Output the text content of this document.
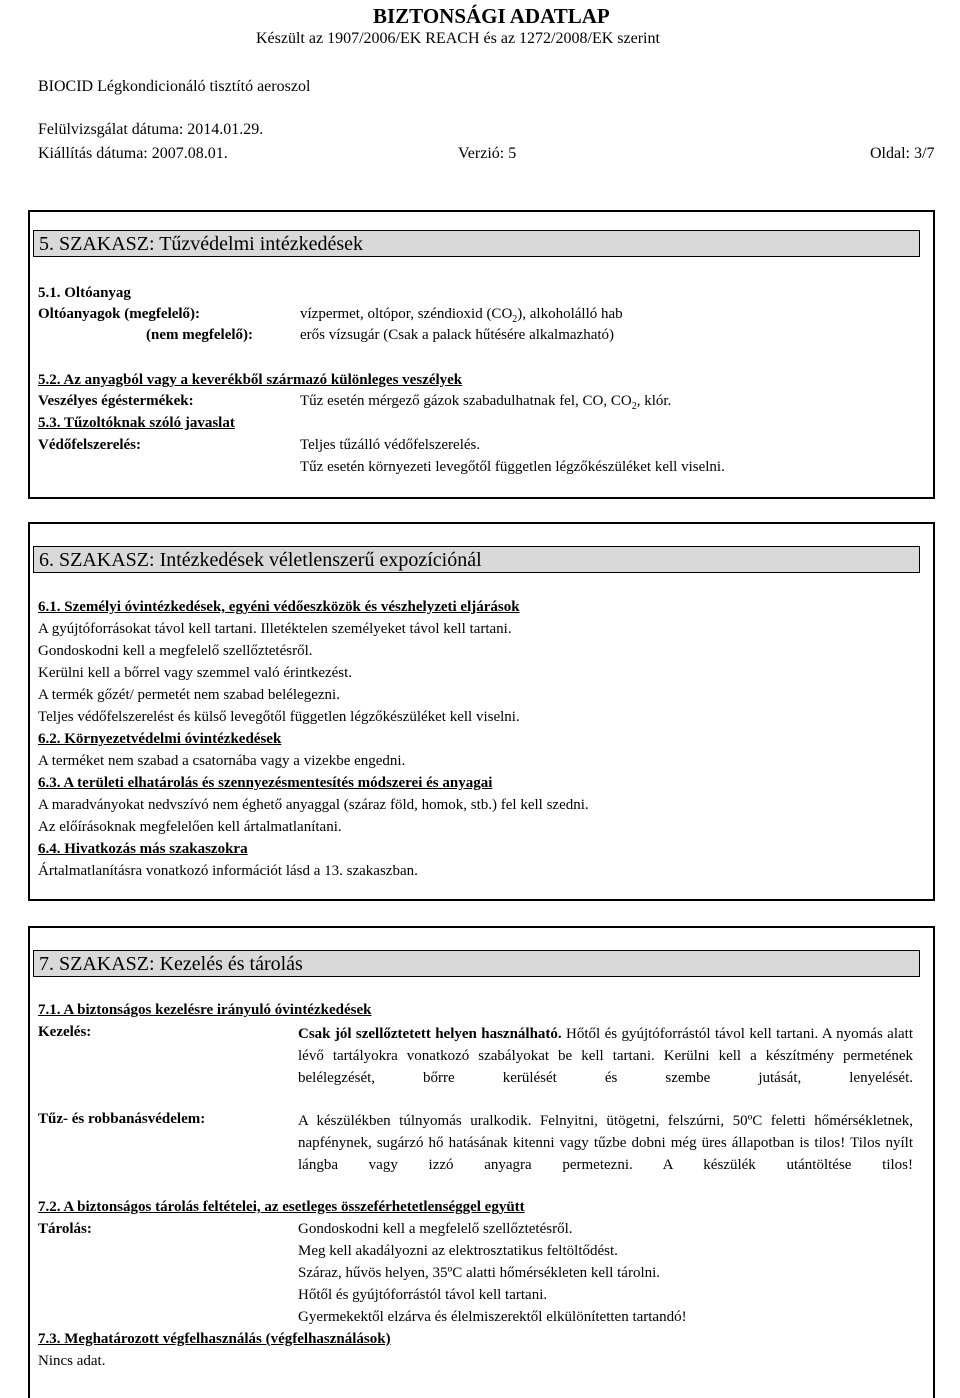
BIZTONSÁGI ADATLAP
Készült az 1907/2006/EK REACH és az 1272/2008/EK szerint
BIOCID Légkondicionáló tisztító aeroszol
Felülvizsgálat dátuma: 2014.01.29.
Kiállítás dátuma: 2007.08.01.	Verzió: 5	Oldal: 3/7
5. SZAKASZ: Tűzvédelmi intézkedések
5.1. Oltóanyag
Oltóanyagok (megfelelő):	vízpermet, oltópor, széndioxid $(CO_2)$, alkoholálló hab
(nem megfelelő):	erős vízsugár (Csak a palack hűtésére alkalmazható)
5.2. Az anyagból vagy a keverékből származó különleges veszélyek
Veszélyes égéstermékek:	Tűz esetén mérgező gázok szabadulhatnak fel, CO, $CO_2$, klór.
5.3. Tűzoltóknak szóló javaslat
Védőfelszerelés:	Teljes tűzálló védőfelszerelés.
Tűz esetén környezeti levegőtől független légzőkészüléket kell viselni.
6. SZAKASZ: Intézkedések véletlenszerű expozíciónál
6.1. Személyi óvintézkedések, egyéni védőeszközök és vészhelyzeti eljárások
A gyújtóforrásokat távol kell tartani. Illetéktelen személyeket távol kell tartani.
Gondoskodni kell a megfelelő szellőztetésről.
Kerülni kell a bőrrel vagy szemmel való érintkezést.
A termék gőzét/ permetét nem szabad belélegezni.
Teljes védőfelszerelést és külső levegőtől független légzőkészüléket kell viselni.
6.2. Környezetvédelmi óvintézkedések
A terméket nem szabad a csatornába vagy a vizekbe engedni.
6.3. A területi elhatárolás és szennyezésmentesítés módszerei és anyagai
A maradványokat nedvszívó nem éghető anyaggal (száraz föld, homok, stb.) fel kell szedni.
Az előírásoknak megfelelően kell ártalmatlanítani.
6.4. Hivatkozás más szakaszokra
Ártalmatlanításra vonatkozó információt lásd a 13. szakaszban.
7. SZAKASZ: Kezelés és tárolás
7.1. A biztonságos kezelésre irányuló óvintézkedések
Kezelés:	Csak jól szellőztetett helyen használható. Hőtől és gyújtóforrástól távol kell tartani. A nyomás alatt lévő tartályokra vonatkozó szabályokat be kell tartani. Kerülni kell a készítmény permetének belélegzését, bőrre kerülését és szembe jutását, lenyelését.
Tűz- és robbanásvédelem:	A készülékben túlnyomás uralkodik. Felnyitni, ütögetni, felszúrni, 50ºC feletti hőmérsékletnek, napfénynek, sugárzó hő hatásának kitenni vagy tűzbe dobni még üres állapotban is tilos! Tilos nyílt lángba vagy izzó anyagra permetezni. A készülék utántöltése tilos!
7.2. A biztonságos tárolás feltételei, az esetleges összeférhetetlenséggel együtt
Tárolás:	Gondoskodni kell a megfelelő szellőztetésről.
Meg kell akadályozni az elektrosztatikus feltöltődést.
Száraz, hűvös helyen, 35ºC alatti hőmérsékleten kell tárolni.
Hőtől és gyújtóforrástól távol kell tartani.
Gyermekektől elzárva és élelmiszerektől elkülönítetten tartandó!
7.3. Meghatározott végfelhasználás (végfelhasználások)
Nincs adat.
